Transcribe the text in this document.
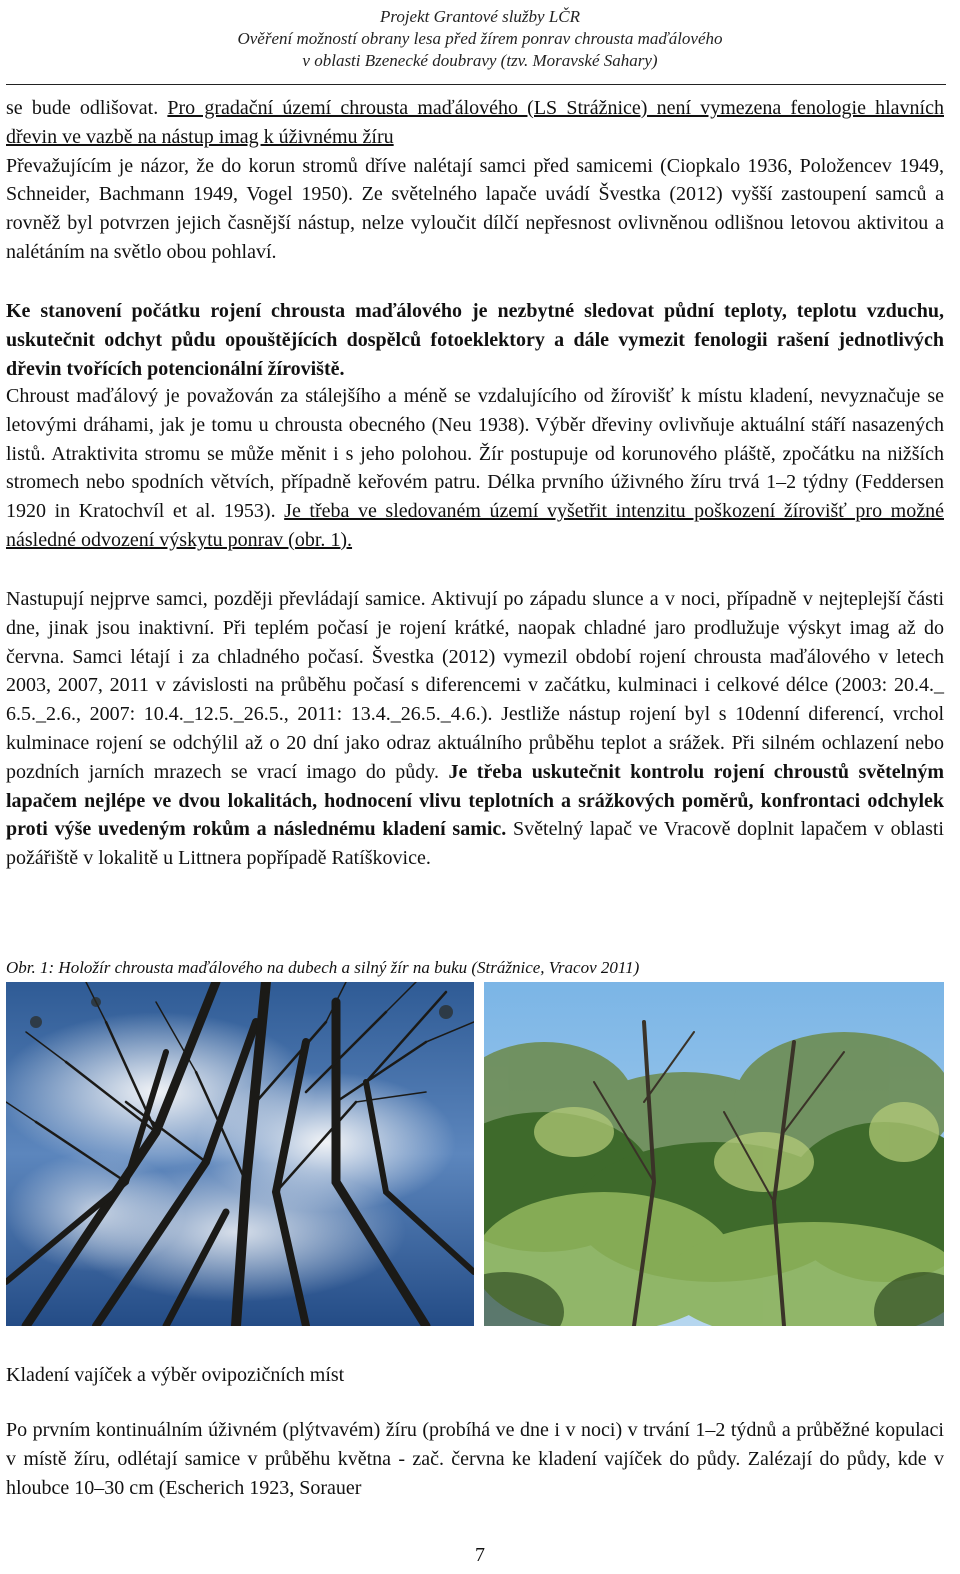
Projekt Grantové služby LČR
Ověření možností obrany lesa před žírem ponrav chrousta maďálového
v oblasti Bzenecké doubravy (tzv. Moravské Sahary)
se bude odlišovat. Pro gradační území chrousta maďálového (LS Strážnice) není vymezena fenologie hlavních dřevin ve vazbě na nástup imag k úživnému žíru
Převažujícím je názor, že do korun stromů dříve nalétají samci před samicemi (Ciopkalo 1936, Položencev 1949, Schneider, Bachmann 1949, Vogel 1950). Ze světelného lapače uvádí Švestka (2012) vyšší zastoupení samců a rovněž byl potvrzen jejich časnější nástup, nelze vyloučit dílčí nepřesnost ovlivněnou odlišnou letovou aktivitou a nalétáním na světlo obou pohlaví.
Ke stanovení počátku rojení chrousta maďálového je nezbytné sledovat půdní teploty, teplotu vzduchu, uskutečnit odchyt půdu opouštějících dospělců fotoeklektory a dále vymezit fenologii rašení jednotlivých dřevin tvořících potencionální žíroviště.
Chroust maďálový je považován za stálejšího a méně se vzdalujícího od žírovišť k místu kladení, nevyznačuje se letovými dráhami, jak je tomu u chrousta obecného (Neu 1938). Výběr dřeviny ovlivňuje aktuální stáří nasazených listů. Atraktivita stromu se může měnit i s jeho polohou. Žír postupuje od korunového pláště, zpočátku na nižších stromech nebo spodních větvích, případně keřovém patru. Délka prvního úživného žíru trvá 1–2 týdny (Feddersen 1920 in Kratochvíl et al. 1953). Je třeba ve sledovaném území vyšetřit intenzitu poškození žírovišť pro možné následné odvození výskytu ponrav (obr. 1).
Nastupují nejprve samci, později převládají samice. Aktivují po západu slunce a v noci, případně v nejteplejší části dne, jinak jsou inaktivní. Při teplém počasí je rojení krátké, naopak chladné jaro prodlužuje výskyt imag až do června. Samci létají i za chladného počasí. Švestka (2012) vymezil období rojení chrousta maďálového v letech 2003, 2007, 2011 v závislosti na průběhu počasí s diferencemi v začátku, kulminaci i celkové délce (2003: 20.4._ 6.5._2.6., 2007: 10.4._12.5._26.5., 2011: 13.4._26.5._4.6.). Jestliže nástup rojení byl s 10denní diferencí, vrchol kulminace rojení se odchýlil až o 20 dní jako odraz aktuálního průběhu teplot a srážek. Při silném ochlazení nebo pozdních jarních mrazech se vrací imago do půdy. Je třeba uskutečnit kontrolu rojení chroustů světelným lapačem nejlépe ve dvou lokalitách, hodnocení vlivu teplotních a srážkových poměrů, konfrontaci odchylek proti výše uvedeným rokům a následnému kladení samic. Světelný lapač ve Vracově doplnit lapačem v oblasti požářiště v lokalitě u Littnera popřípadě Ratíškovice.
Obr. 1: Holožír chrousta maďálového na dubech a silný žír na buku (Strážnice, Vracov 2011)
Kladení vajíček a výběr ovipozičních míst
Po prvním kontinuálním úživném (plýtvavém) žíru (probíhá ve dne i v noci) v trvání 1–2 týdnů a průběžné kopulaci v místě žíru, odlétají samice v průběhu května - zač. června ke kladení vajíček do půdy. Zalézají do půdy, kde v hloubce 10–30 cm (Escherich 1923, Sorauer
7
